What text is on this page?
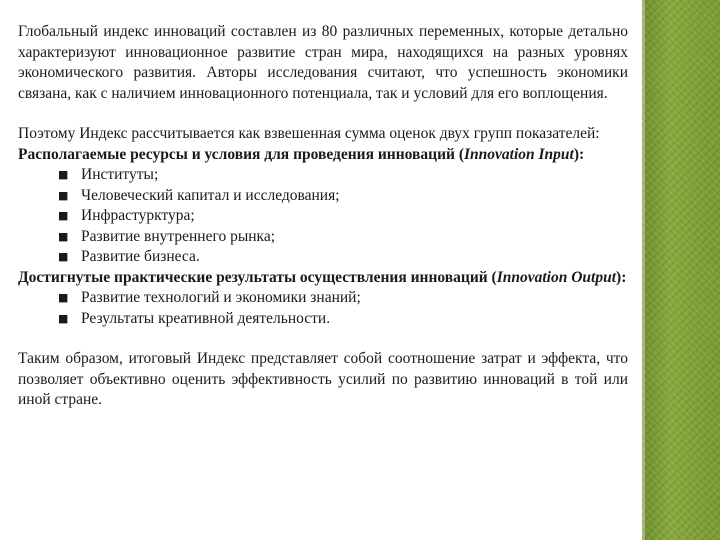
Глобальный индекс инноваций составлен из 80 различных переменных, которые детально характеризуют инновационное развитие стран мира, находящихся на разных уровнях экономического развития. Авторы исследования считают, что успешность экономики связана, как с наличием инновационного потенциала, так и условий для его воплощения.

Поэтому Индекс рассчитывается как взвешенная сумма оценок двух групп показателей:

Располагаемые ресурсы и условия для проведения инноваций (Innovation Input):

■ Институты;
■ Человеческий капитал и исследования;
■ Инфрастурктура;
■ Развитие внутреннего рынка;
■ Развитие бизнеса.

Достигнутые практические результаты осуществления инноваций (Innovation Output):

■ Развитие технологий и экономики знаний;
■ Результаты креативной деятельности.

Таким образом, итоговый Индекс представляет собой соотношение затрат и эффекта, что позволяет объективно оценить эффективность усилий по развитию инноваций в той или иной стране.
